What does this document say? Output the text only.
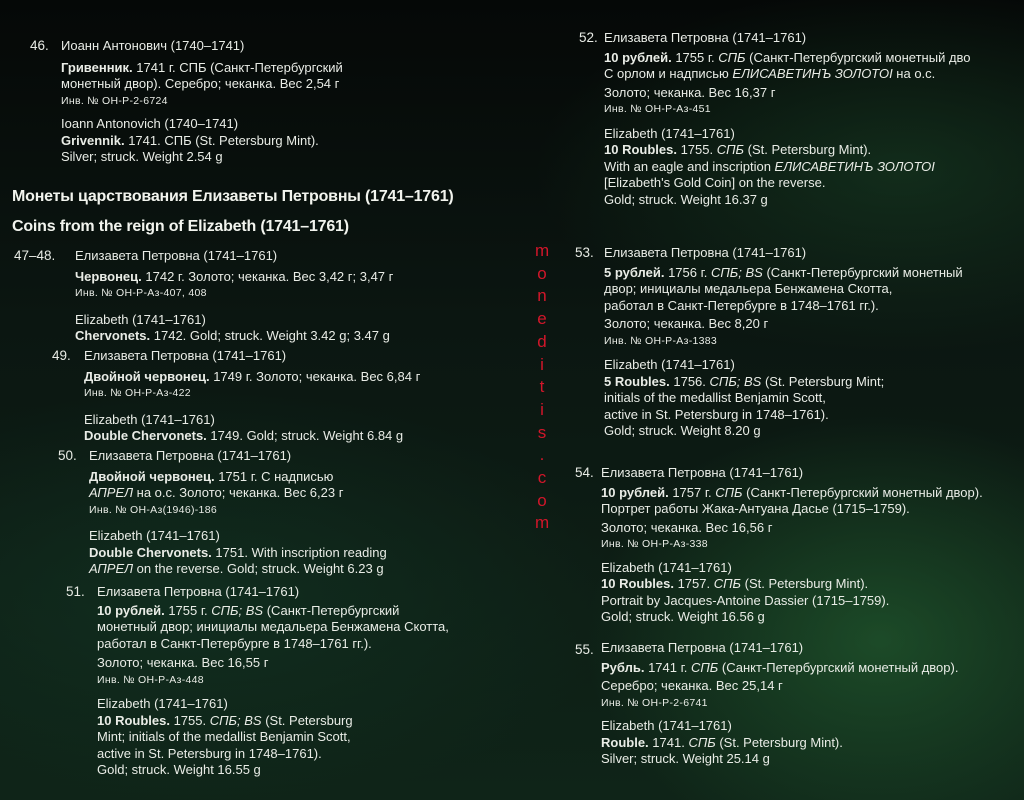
46. Иоанн Антонович (1740–1741)
Гривенник. 1741 г. СПБ (Санкт-Петербургский
монетный двор). Серебро; чеканка. Вес 2,54 г
Инв. № ОН-Р-2-6724
Ioann Antonovich (1740–1741)
Grivennik. 1741. СПБ (St. Petersburg Mint).
Silver; struck. Weight 2.54 g
Монеты царствования Елизаветы Петровны (1741–1761)
Coins from the reign of Elizabeth (1741–1761)
47–48. Елизавета Петровна (1741–1761)
Червонец. 1742 г. Золото; чеканка. Вес 3,42 г; 3,47 г
Инв. № ОН-Р-Аз-407, 408
Elizabeth (1741–1761)
Chervonets. 1742. Gold; struck. Weight 3.42 g; 3.47 g
49. Елизавета Петровна (1741–1761)
Двойной червонец. 1749 г. Золото; чеканка. Вес 6,84 г
Инв. № ОН-Р-Аз-422
Elizabeth (1741–1761)
Double Chervonets. 1749. Gold; struck. Weight 6.84 g
50. Елизавета Петровна (1741–1761)
Двойной червонец. 1751 г. С надписью
АПРЕЛ на о.с. Золото; чеканка. Вес 6,23 г
Инв. № ОН-Аз(1946)-186
Elizabeth (1741–1761)
Double Chervonets. 1751. With inscription reading
АПРЕЛ on the reverse. Gold; struck. Weight 6.23 g
51. Елизавета Петровна (1741–1761)
10 рублей. 1755 г. СПБ; BS (Санкт-Петербургский
монетный двор; инициалы медальера Бенжамена Скотта,
работал в Санкт-Петербурге в 1748–1761 гг.).
Золото; чеканка. Вес 16,55 г
Инв. № ОН-Р-Аз-448
Elizabeth (1741–1761)
10 Roubles. 1755. СПБ; BS (St. Petersburg
Mint; initials of the medallist Benjamin Scott,
active in St. Petersburg in 1748–1761).
Gold; struck. Weight 16.55 g
m
o
n
e
d
i
t
i
s
.
c
o
m
52. Елизавета Петровна (1741–1761)
10 рублей. 1755 г. СПБ (Санкт-Петербургский монетный дво
С орлом и надписью ЕЛИСАВЕТИНЪ ЗОЛОТОІ на о.с.
Золото; чеканка. Вес 16,37 г
Инв. № ОН-Р-Аз-451
Elizabeth (1741–1761)
10 Roubles. 1755. СПБ (St. Petersburg Mint).
With an eagle and inscription ЕЛИСАВЕТИНЪ ЗОЛОТОІ
[Elizabeth's Gold Coin] on the reverse.
Gold; struck. Weight 16.37 g
53. Елизавета Петровна (1741–1761)
5 рублей. 1756 г. СПБ; BS (Санкт-Петербургский монетный
двор; инициалы медальера Бенжамена Скотта,
работал в Санкт-Петербурге в 1748–1761 гг.).
Золото; чеканка. Вес 8,20 г
Инв. № ОН-Р-Аз-1383
Elizabeth (1741–1761)
5 Roubles. 1756. СПБ; BS (St. Petersburg Mint;
initials of the medallist Benjamin Scott,
active in St. Petersburg in 1748–1761).
Gold; struck. Weight 8.20 g
54. Елизавета Петровна (1741–1761)
10 рублей. 1757 г. СПБ (Санкт-Петербургский монетный двор).
Портрет работы Жака-Антуана Дасье (1715–1759).
Золото; чеканка. Вес 16,56 г
Инв. № ОН-Р-Аз-338
Elizabeth (1741–1761)
10 Roubles. 1757. СПБ (St. Petersburg Mint).
Portrait by Jacques-Antoine Dassier (1715–1759).
Gold; struck. Weight 16.56 g
55. Елизавета Петровна (1741–1761)
Рубль. 1741 г. СПБ (Санкт-Петербургский монетный двор).
Серебро; чеканка. Вес 25,14 г
Инв. № ОН-Р-2-6741
Elizabeth (1741–1761)
Rouble. 1741. СПБ (St. Petersburg Mint).
Silver; struck. Weight 25.14 g
